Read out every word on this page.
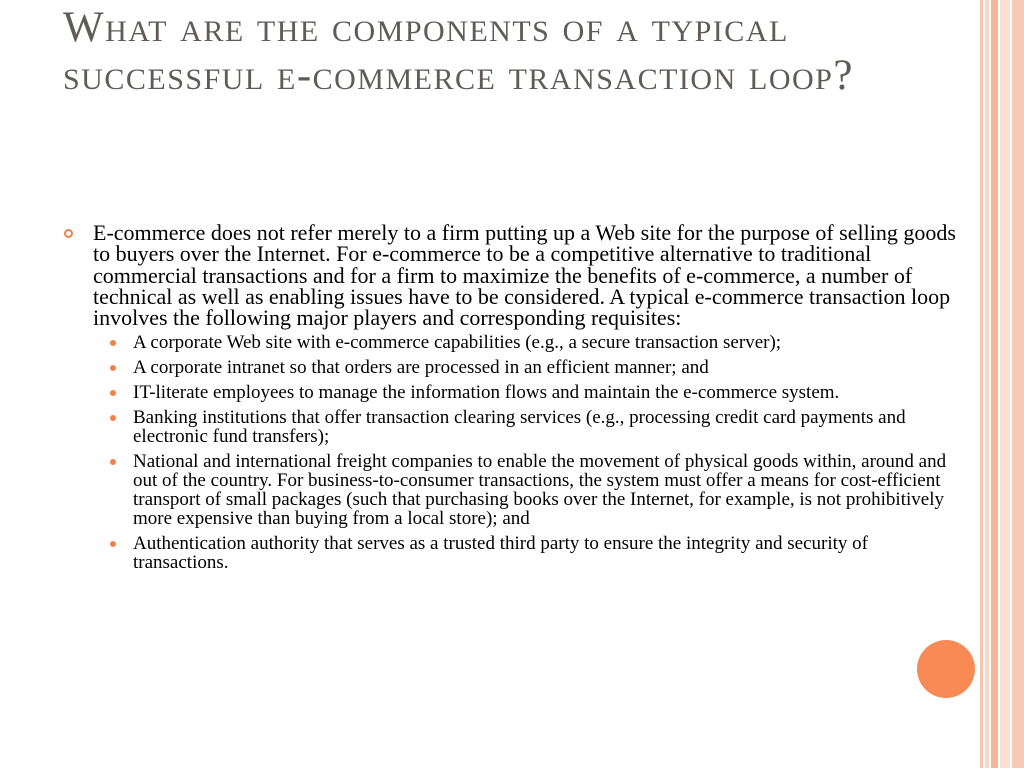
What are the components of a typical successful e-commerce transaction loop?
E-commerce does not refer merely to a firm putting up a Web site for the purpose of selling goods to buyers over the Internet. For e-commerce to be a competitive alternative to traditional commercial transactions and for a firm to maximize the benefits of e-commerce, a number of technical as well as enabling issues have to be considered. A typical e-commerce transaction loop involves the following major players and corresponding requisites:
A corporate Web site with e-commerce capabilities (e.g., a secure transaction server);
A corporate intranet so that orders are processed in an efficient manner; and
IT-literate employees to manage the information flows and maintain the e-commerce system.
Banking institutions that offer transaction clearing services (e.g., processing credit card payments and electronic fund transfers);
National and international freight companies to enable the movement of physical goods within, around and out of the country. For business-to-consumer transactions, the system must offer a means for cost-efficient transport of small packages (such that purchasing books over the Internet, for example, is not prohibitively more expensive than buying from a local store); and
Authentication authority that serves as a trusted third party to ensure the integrity and security of transactions.
